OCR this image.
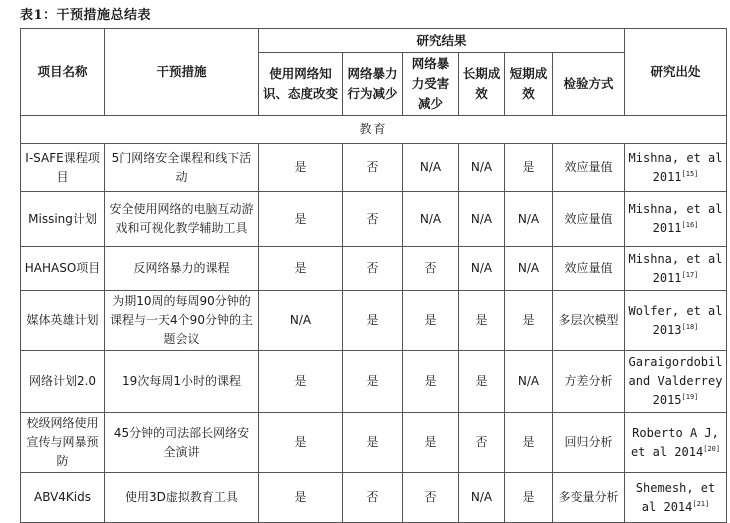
表1：干预措施总结表
项目名称	干预措施	研究结果						研究出处
		使用网络知识、态度改变	网络暴力行为减少	网络暴力受害减少	长期成效	短期成效	检验方式	
教育								
I-SAFE课程项目	5门网络安全课程和线下活动	是	否	N/A	N/A	是	效应量值	Mishna, et al 2011[15]
Missing计划	安全使用网络的电脑互动游戏和可视化教学辅助工具	是	否	N/A	N/A	N/A	效应量值	Mishna, et al 2011[16]
HAHASO项目	反网络暴力的课程	是	否	否	N/A	N/A	效应量值	Mishna, et al 2011[17]
媒体英雄计划	为期10周的每周90分钟的课程与一天4个90分钟的主题会议	N/A	是	是	是	是	多层次模型	Wolfer, et al 2013[18]
网络计划2.0	19次每周1小时的课程	是	是	是	是	N/A	方差分析	Garaigordobil and Valderrey 2015[19]
校级网络使用宣传与网暴预防	45分钟的司法部长网络安全演讲	是	是	是	否	是	回归分析	Roberto A J, et al 2014[20]
ABV4Kids	使用3D虚拟教育工具	是	否	否	N/A	是	多变量分析	Shemesh, et al 2014[21]
